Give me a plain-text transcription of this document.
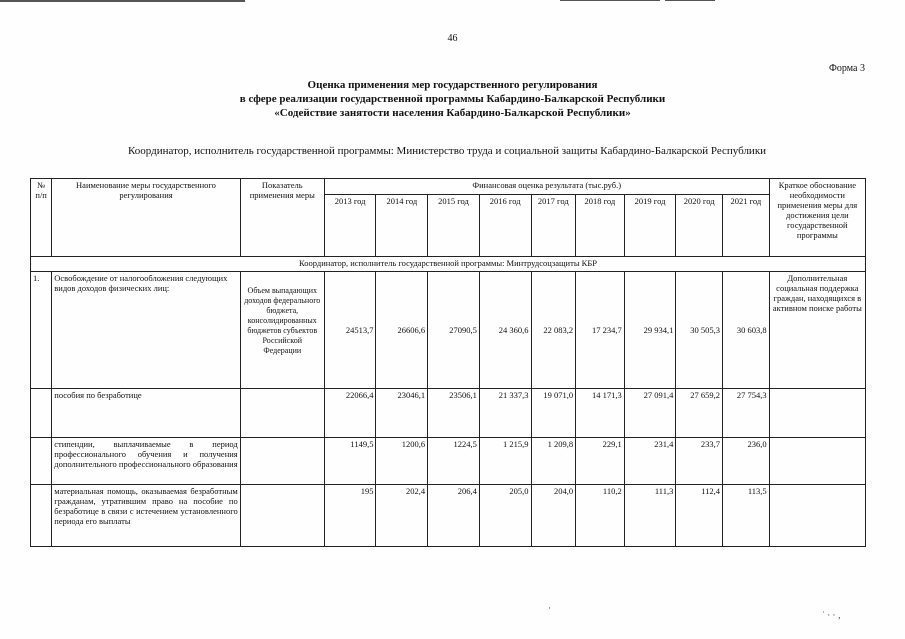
46
Форма 3
Оценка применения мер государственного регулирования
в сфере реализации государственной программы Кабардино-Балкарской Республики
«Содействие занятости населения Кабардино-Балкарской Республики»
Координатор, исполнитель государственной программы: Министерство труда и социальной защиты Кабардино-Балкарской Республики
№ п/п	Наименование меры государственного регулирования	Показатель применения меры	Финансовая оценка результата (тыс.руб.)									Краткое обоснование необходимости применения меры для достижения цели государственной программы
			2013 год	2014 год	2015 год	2016 год	2017 год	2018 год	2019 год	2020 год	2021 год	
Координатор, исполнитель государственной программы: Минтрудсоцзащиты КБР												
1.	Освобождение от налогообложения следующих видов доходов физических лиц:	Объем выпадающих доходов федерального бюджета, консолидированных бюджетов субъектов Российской Федерации	24513,7	26606,6	27090,5	24 360,6	22 083,2	17 234,7	29 934,1	30 505,3	30 603,8	Дополнительная социальная поддержка граждан, находящихся в активном поиске работы
	пособия по безработице		22066,4	23046,1	23506,1	21 337,3	19 071,0	14 171,3	27 091,4	27 659,2	27 754,3	
	стипендии, выплачиваемые в период профессионального обучения и получения дополнительного профессионального образования		1149,5	1200,6	1224,5	1 215,9	1 209,8	229,1	231,4	233,7	236,0	
	материальная помощь, оказываемая безработным гражданам, утратившим право на пособие по безработице в связи с истечением установленного периода его выплаты		195	202,4	206,4	205,0	204,0	110,2	111,3	112,4	113,5	
·
˙ · · ‚
